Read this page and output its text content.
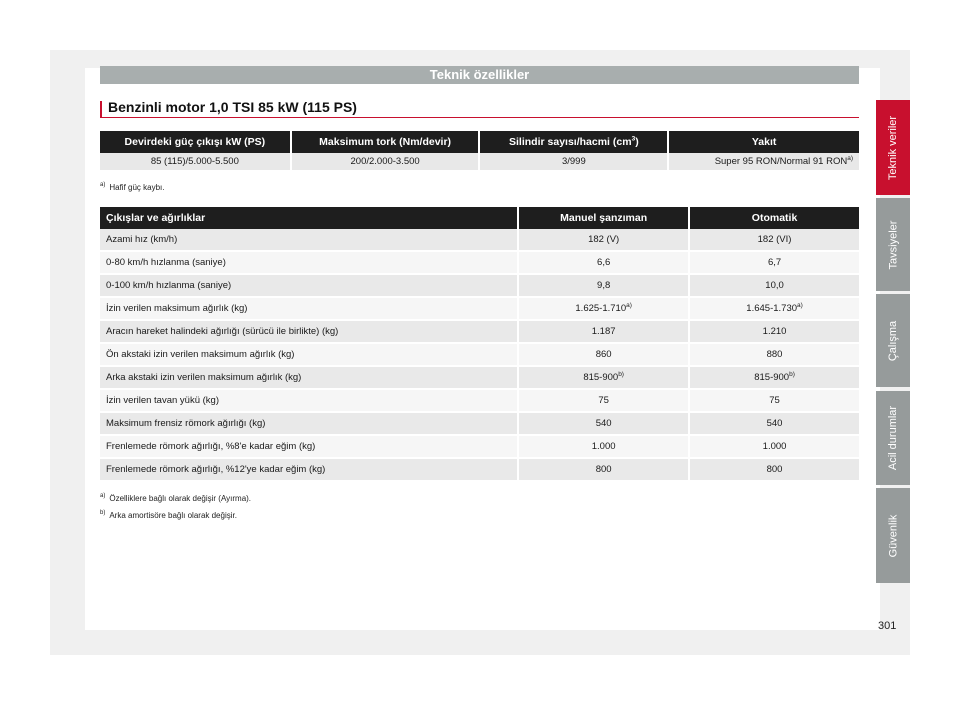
Teknik özellikler
Benzinli motor 1,0 TSI 85 kW (115 PS)
Devirdeki güç çıkışı kW (PS)	Maksimum tork (Nm/devir)	Silindir sayısı/hacmi $(cm^3)$	Yakıt
85 (115)/5.000-5.500	200/2.000-3.500	3/999	Super 95 RON/Normal 91 RON$^{a)}$
$^{a)}$ Hafif güç kaybı.
Çıkışlar ve ağırlıklar	Manuel şanzıman	Otomatik
Azami hız (km/h)	182 (V)	182 (VI)
0-80 km/h hızlanma (saniye)	6,6	6,7
0-100 km/h hızlanma (saniye)	9,8	10,0
İzin verilen maksimum ağırlık (kg)	1.625-1.710$^{a)}$	1.645-1.730$^{a)}$
Aracın hareket halindeki ağırlığı (sürücü ile birlikte) (kg)	1.187	1.210
Ön akstaki izin verilen maksimum ağırlık (kg)	860	880
Arka akstaki izin verilen maksimum ağırlık (kg)	815-900$^{b)}$	815-900$^{b)}$
İzin verilen tavan yükü (kg)	75	75
Maksimum frensiz römork ağırlığı (kg)	540	540
Frenlemede römork ağırlığı, %8'e kadar eğim (kg)	1.000	1.000
Frenlemede römork ağırlığı, %12'ye kadar eğim (kg)	800	800
$^{a)}$ Özelliklere bağlı olarak değişir (Ayırma).
$^{b)}$ Arka amortisöre bağlı olarak değişir.
Teknik veriler
Tavsiyeler
Çalışma
Acil durumlar
Güvenlik
301
